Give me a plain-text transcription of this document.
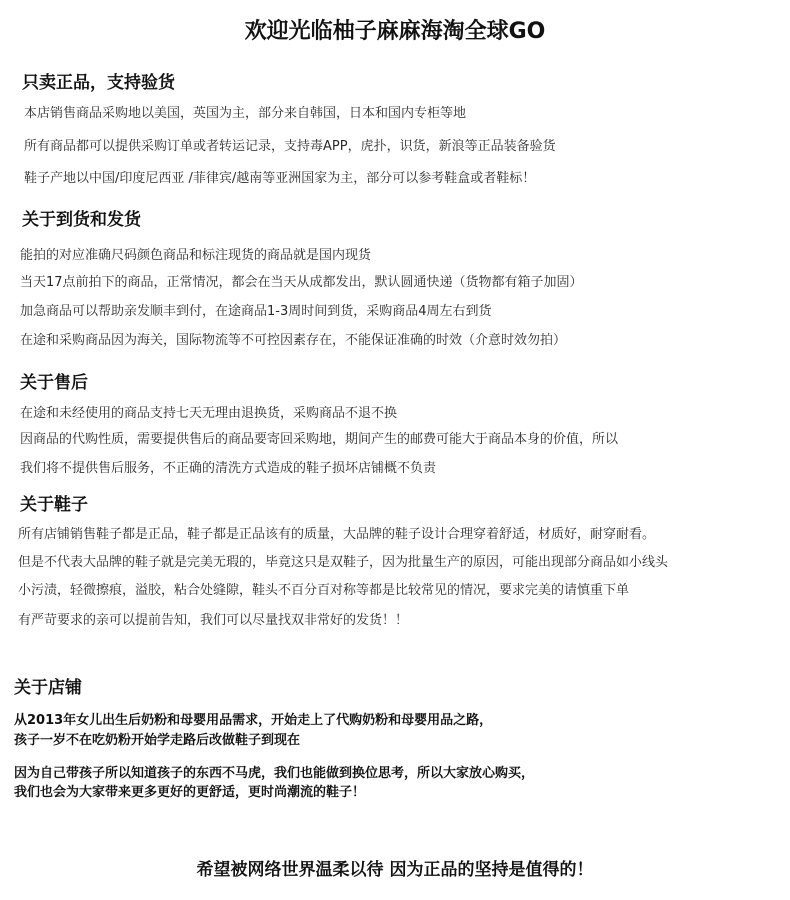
欢迎光临柚子麻麻海淘全球GO
只卖正品，支持验货
本店销售商品采购地以美国，英国为主，部分来自韩国，日本和国内专柜等地
所有商品都可以提供采购订单或者转运记录，支持毒APP，虎扑，识货，新浪等正品装备验货
鞋子产地以中国/印度尼西亚 /菲律宾/越南等亚洲国家为主，部分可以参考鞋盒或者鞋标！
关于到货和发货
能拍的对应准确尺码颜色商品和标注现货的商品就是国内现货
当天17点前拍下的商品，正常情况，都会在当天从成都发出，默认圆通快递（货物都有箱子加固）
加急商品可以帮助亲发顺丰到付，在途商品1-3周时间到货，采购商品4周左右到货
在途和采购商品因为海关，国际物流等不可控因素存在，不能保证准确的时效（介意时效勿拍）
关于售后
在途和未经使用的商品支持七天无理由退换货，采购商品不退不换
因商品的代购性质，需要提供售后的商品要寄回采购地，期间产生的邮费可能大于商品本身的价值，所以
我们将不提供售后服务，不正确的清洗方式造成的鞋子损坏店铺概不负责
关于鞋子
所有店铺销售鞋子都是正品，鞋子都是正品该有的质量，大品牌的鞋子设计合理穿着舒适，材质好，耐穿耐看。
但是不代表大品牌的鞋子就是完美无瑕的，毕竟这只是双鞋子，因为批量生产的原因，可能出现部分商品如小线头
小污渍，轻微擦痕，溢胶，粘合处缝隙，鞋头不百分百对称等都是比较常见的情况，要求完美的请慎重下单
有严苛要求的亲可以提前告知，我们可以尽量找双非常好的发货！！
关于店铺
从2013年女儿出生后奶粉和母婴用品需求，开始走上了代购奶粉和母婴用品之路，
孩子一岁不在吃奶粉开始学走路后改做鞋子到现在
因为自己带孩子所以知道孩子的东西不马虎，我们也能做到换位思考，所以大家放心购买，
我们也会为大家带来更多更好的更舒适，更时尚潮流的鞋子！
希望被网络世界温柔以待 因为正品的坚持是值得的！
